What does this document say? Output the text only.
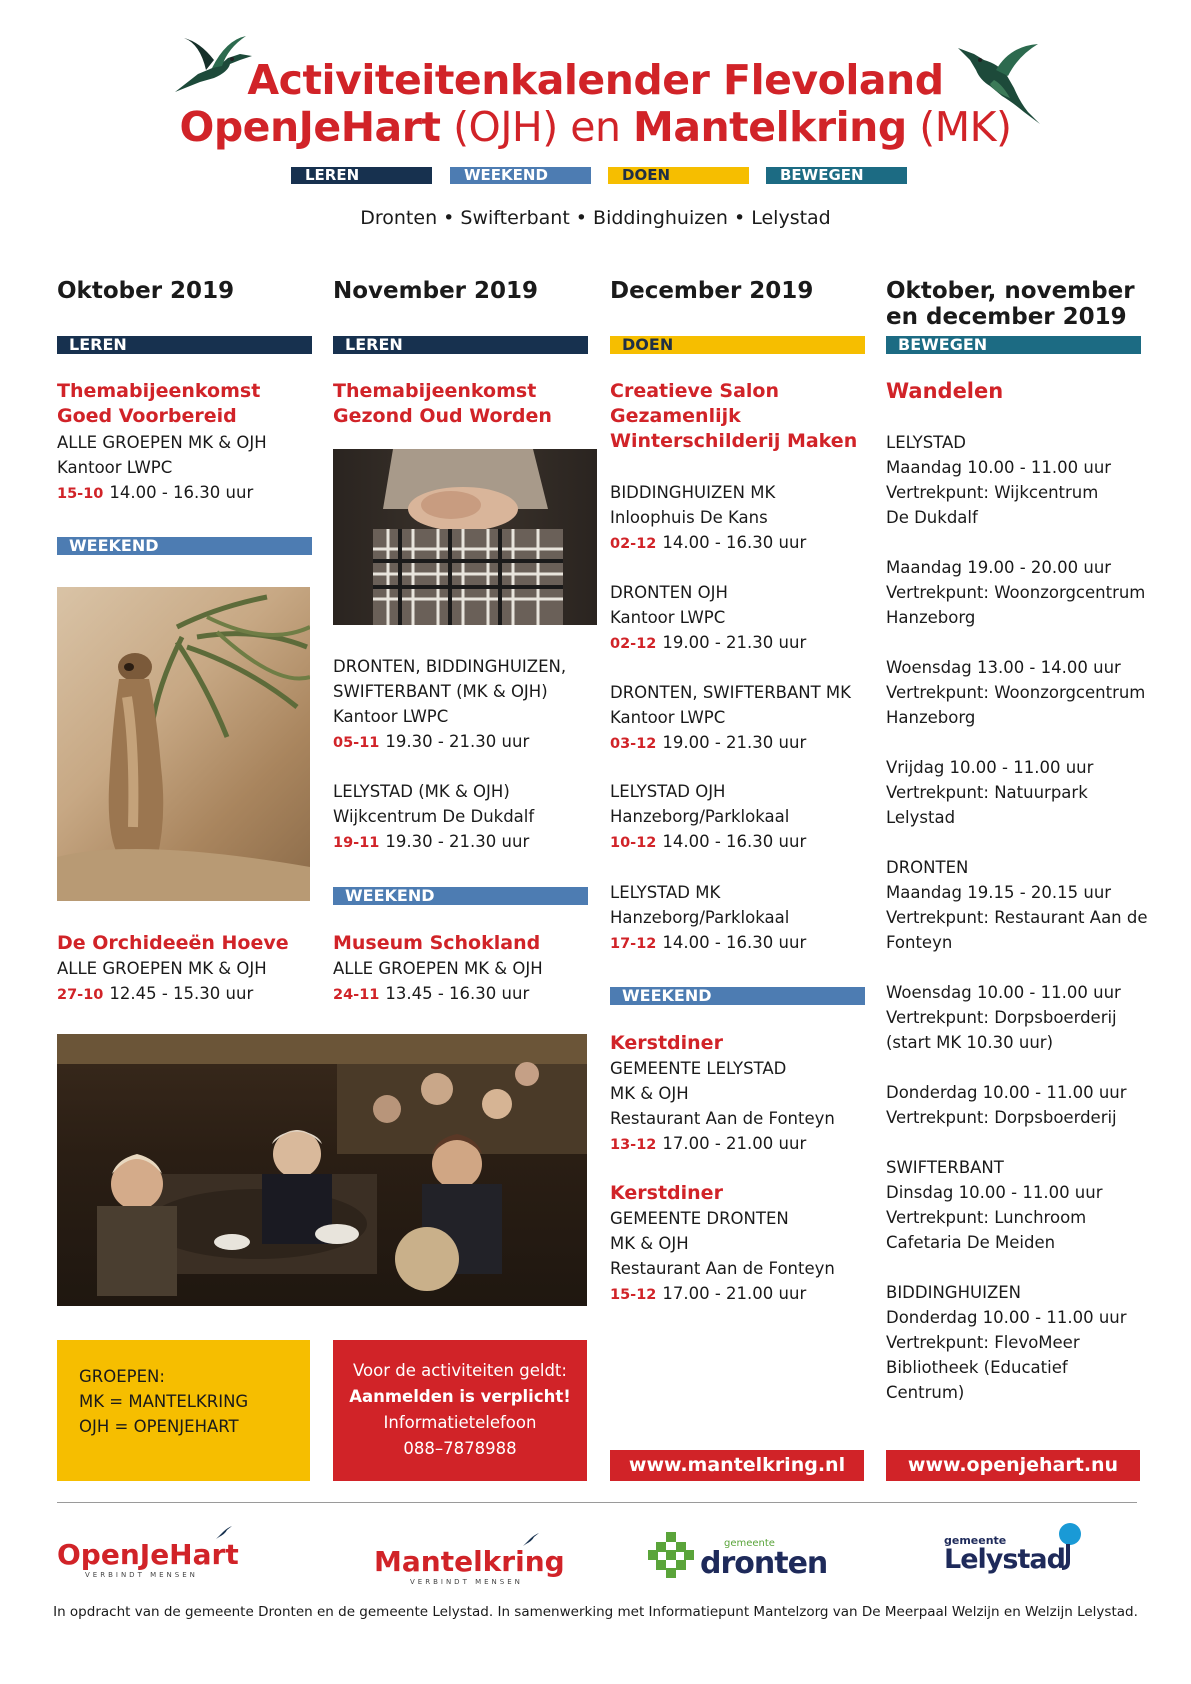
Activiteitenkalender Flevoland
OpenJeHart (OJH) en Mantelkring (MK)
LEREN	WEEKEND	DOEN	BEWEGEN
Dronten • Swifterbant • Biddinghuizen • Lelystad
Oktober 2019
LEREN
Themabijeenkomst
Goed Voorbereid
ALLE GROEPEN MK & OJH
Kantoor LWPC
15-10 14.00 - 16.30 uur
WEEKEND
De Orchideeën Hoeve
ALLE GROEPEN MK & OJH
27-10 12.45 - 15.30 uur
GROEPEN:
MK = MANTELKRING
OJH = OPENJEHART
November 2019
LEREN
Themabijeenkomst
Gezond Oud Worden
DRONTEN, BIDDINGHUIZEN,
SWIFTERBANT (MK & OJH)
Kantoor LWPC
05-11 19.30 - 21.30 uur
LELYSTAD (MK & OJH)
Wijkcentrum De Dukdalf
19-11 19.30 - 21.30 uur
WEEKEND
Museum Schokland
ALLE GROEPEN MK & OJH
24-11 13.45 - 16.30 uur
Voor de activiteiten geldt:
Aanmelden is verplicht!
Informatietelefoon
088–7878988
December 2019
DOEN
Creatieve Salon
Gezamenlijk
Winterschilderij Maken
BIDDINGHUIZEN MK
Inloophuis De Kans
02-12 14.00 - 16.30 uur
DRONTEN OJH
Kantoor LWPC
02-12 19.00 - 21.30 uur
DRONTEN, SWIFTERBANT MK
Kantoor LWPC
03-12 19.00 - 21.30 uur
LELYSTAD OJH
Hanzeborg/Parklokaal
10-12 14.00 - 16.30 uur
LELYSTAD MK
Hanzeborg/Parklokaal
17-12 14.00 - 16.30 uur
WEEKEND
Kerstdiner
GEMEENTE LELYSTAD
MK & OJH
Restaurant Aan de Fonteyn
13-12 17.00 - 21.00 uur
Kerstdiner
GEMEENTE DRONTEN
MK & OJH
Restaurant Aan de Fonteyn
15-12 17.00 - 21.00 uur
www.mantelkring.nl
Oktober, november
en december 2019
BEWEGEN
Wandelen
LELYSTAD
Maandag 10.00 - 11.00 uur
Vertrekpunt: Wijkcentrum
De Dukdalf
Maandag 19.00 - 20.00 uur
Vertrekpunt: Woonzorgcentrum
Hanzeborg
Woensdag 13.00 - 14.00 uur
Vertrekpunt: Woonzorgcentrum
Hanzeborg
Vrijdag 10.00 - 11.00 uur
Vertrekpunt: Natuurpark
Lelystad
DRONTEN
Maandag 19.15 - 20.15 uur
Vertrekpunt: Restaurant Aan de
Fonteyn
Woensdag 10.00 - 11.00 uur
Vertrekpunt: Dorpsboerderij
(start MK 10.30 uur)
Donderdag 10.00 - 11.00 uur
Vertrekpunt: Dorpsboerderij
SWIFTERBANT
Dinsdag 10.00 - 11.00 uur
Vertrekpunt: Lunchroom
Cafetaria De Meiden
BIDDINGHUIZEN
Donderdag 10.00 - 11.00 uur
Vertrekpunt: FlevoMeer
Bibliotheek (Educatief
Centrum)
www.openjehart.nu
OpenJeHart
VERBINDT MENSEN	Mantelkring
VERBINDT MENSEN
gemeente
dronten
gemeente
Lelystad
In opdracht van de gemeente Dronten en de gemeente Lelystad. In samenwerking met Informatiepunt Mantelzorg van De Meerpaal Welzijn en Welzijn Lelystad.
